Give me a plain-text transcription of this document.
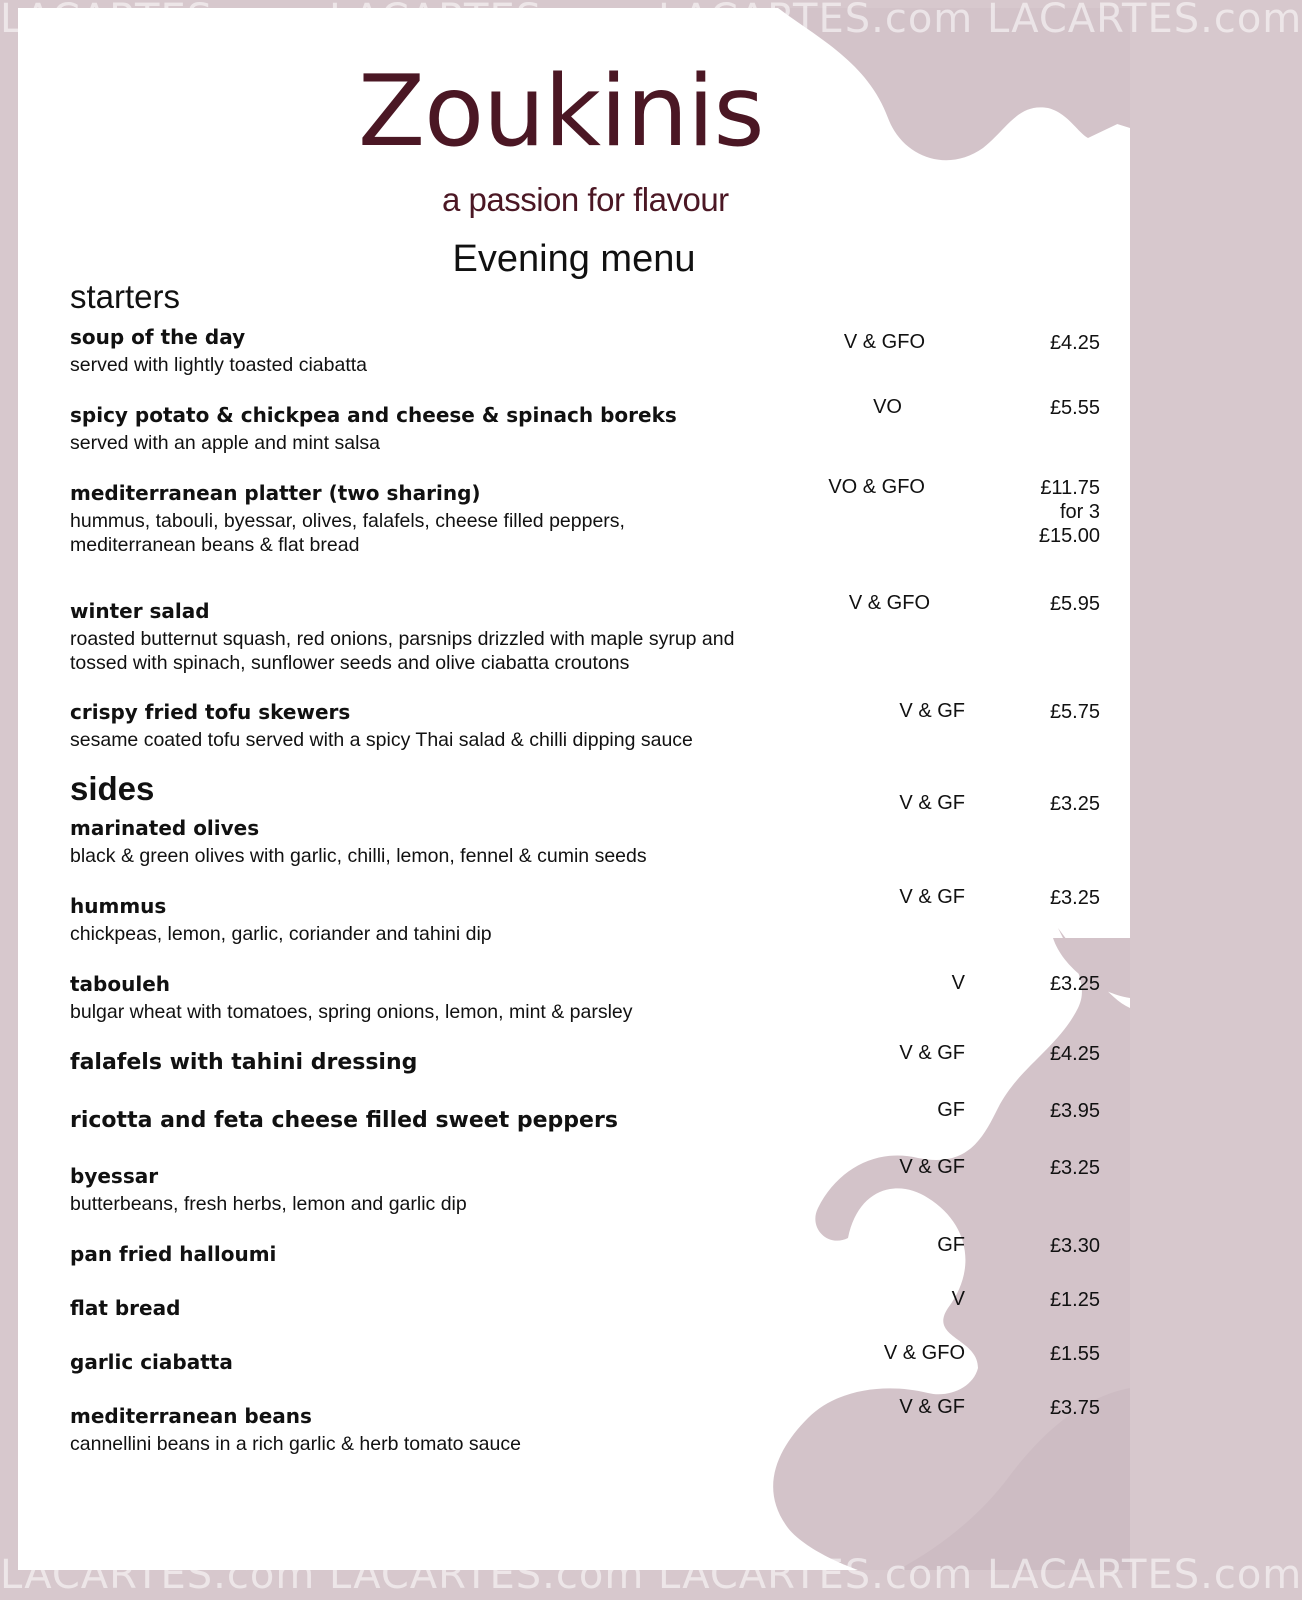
LACARTES.com LACARTES.com LACARTES.com LACARTES.com
Zoukinis
a passion for flavour
Evening menu
starters
soup of the day
served with lightly toasted ciabatta
V & GFO	£4.25
spicy potato & chickpea and cheese & spinach boreks
served with an apple and mint salsa
VO	£5.55
mediterranean platter (two sharing)
hummus, tabouli, byessar, olives, falafels, cheese filled peppers, mediterranean beans & flat bread
VO & GFO	£11.75
for 3
£15.00
winter salad
roasted butternut squash, red onions, parsnips drizzled with maple syrup and tossed with spinach, sunflower seeds and olive ciabatta croutons
V & GFO	£5.95
crispy fried tofu skewers
sesame coated tofu served with a spicy Thai salad & chilli dipping sauce
V & GF	£5.75
sides
marinated olives
black & green olives with garlic, chilli, lemon, fennel & cumin seeds
V & GF	£3.25
hummus
chickpeas, lemon, garlic, coriander and tahini dip
V & GF	£3.25
tabouleh
bulgar wheat with tomatoes, spring onions, lemon, mint & parsley
V	£3.25
falafels with tahini dressing	V & GF	£4.25
ricotta and feta cheese filled sweet peppers	GF	£3.95
byessar
butterbeans, fresh herbs, lemon and garlic dip
V & GF	£3.25
pan fried halloumi	GF	£3.30
flat bread	V	£1.25
garlic ciabatta	V & GFO	£1.55
mediterranean beans
cannellini beans in a rich garlic & herb tomato sauce
V & GF	£3.75
LACARTES.com LACARTES.com LACARTES.com LACARTES.com
